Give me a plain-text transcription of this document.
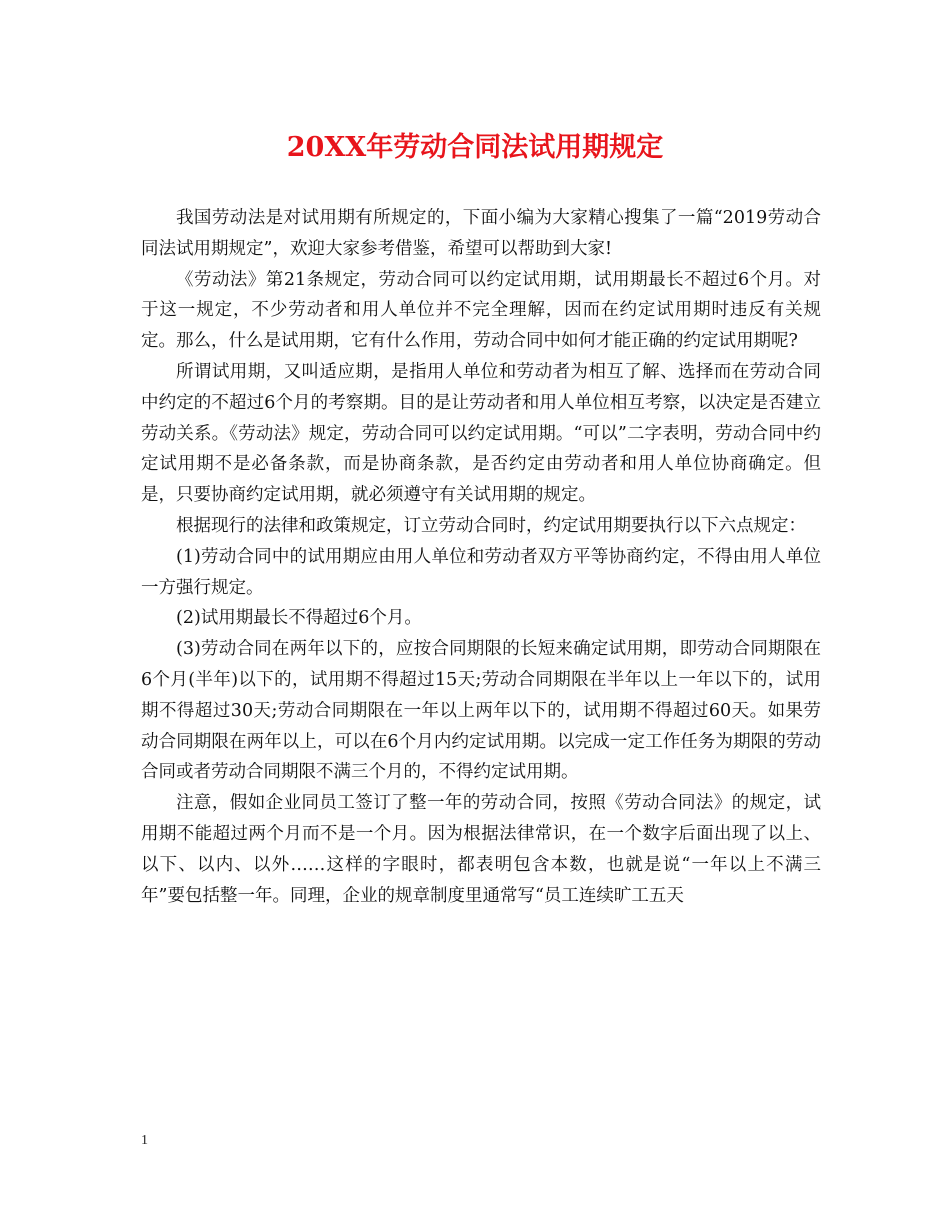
20XX年劳动合同法试用期规定

我国劳动法是对试用期有所规定的，下面小编为大家精心搜集了一篇“2019劳动合同法试用期规定”，欢迎大家参考借鉴，希望可以帮助到大家!

《劳动法》第21条规定，劳动合同可以约定试用期，试用期最长不超过6个月。对于这一规定，不少劳动者和用人单位并不完全理解，因而在约定试用期时违反有关规定。那么，什么是试用期，它有什么作用，劳动合同中如何才能正确的约定试用期呢?

所谓试用期，又叫适应期，是指用人单位和劳动者为相互了解、选择而在劳动合同中约定的不超过6个月的考察期。目的是让劳动者和用人单位相互考察，以决定是否建立劳动关系。《劳动法》规定，劳动合同可以约定试用期。“可以”二字表明，劳动合同中约定试用期不是必备条款，而是协商条款，是否约定由劳动者和用人单位协商确定。但是，只要协商约定试用期，就必须遵守有关试用期的规定。

根据现行的法律和政策规定，订立劳动合同时，约定试用期要执行以下六点规定：

(1)劳动合同中的试用期应由用人单位和劳动者双方平等协商约定，不得由用人单位一方强行规定。

(2)试用期最长不得超过6个月。

(3)劳动合同在两年以下的，应按合同期限的长短来确定试用期，即劳动合同期限在6个月(半年)以下的，试用期不得超过15天;劳动合同期限在半年以上一年以下的，试用期不得超过30天;劳动合同期限在一年以上两年以下的，试用期不得超过60天。如果劳动合同期限在两年以上，可以在6个月内约定试用期。以完成一定工作任务为期限的劳动合同或者劳动合同期限不满三个月的，不得约定试用期。

注意，假如企业同员工签订了整一年的劳动合同，按照《劳动合同法》的规定，试用期不能超过两个月而不是一个月。因为根据法律常识，在一个数字后面出现了以上、以下、以内、以外……这样的字眼时，都表明包含本数，也就是说“一年以上不满三年”要包括整一年。同理，企业的规章制度里通常写“员工连续旷工五天

1
